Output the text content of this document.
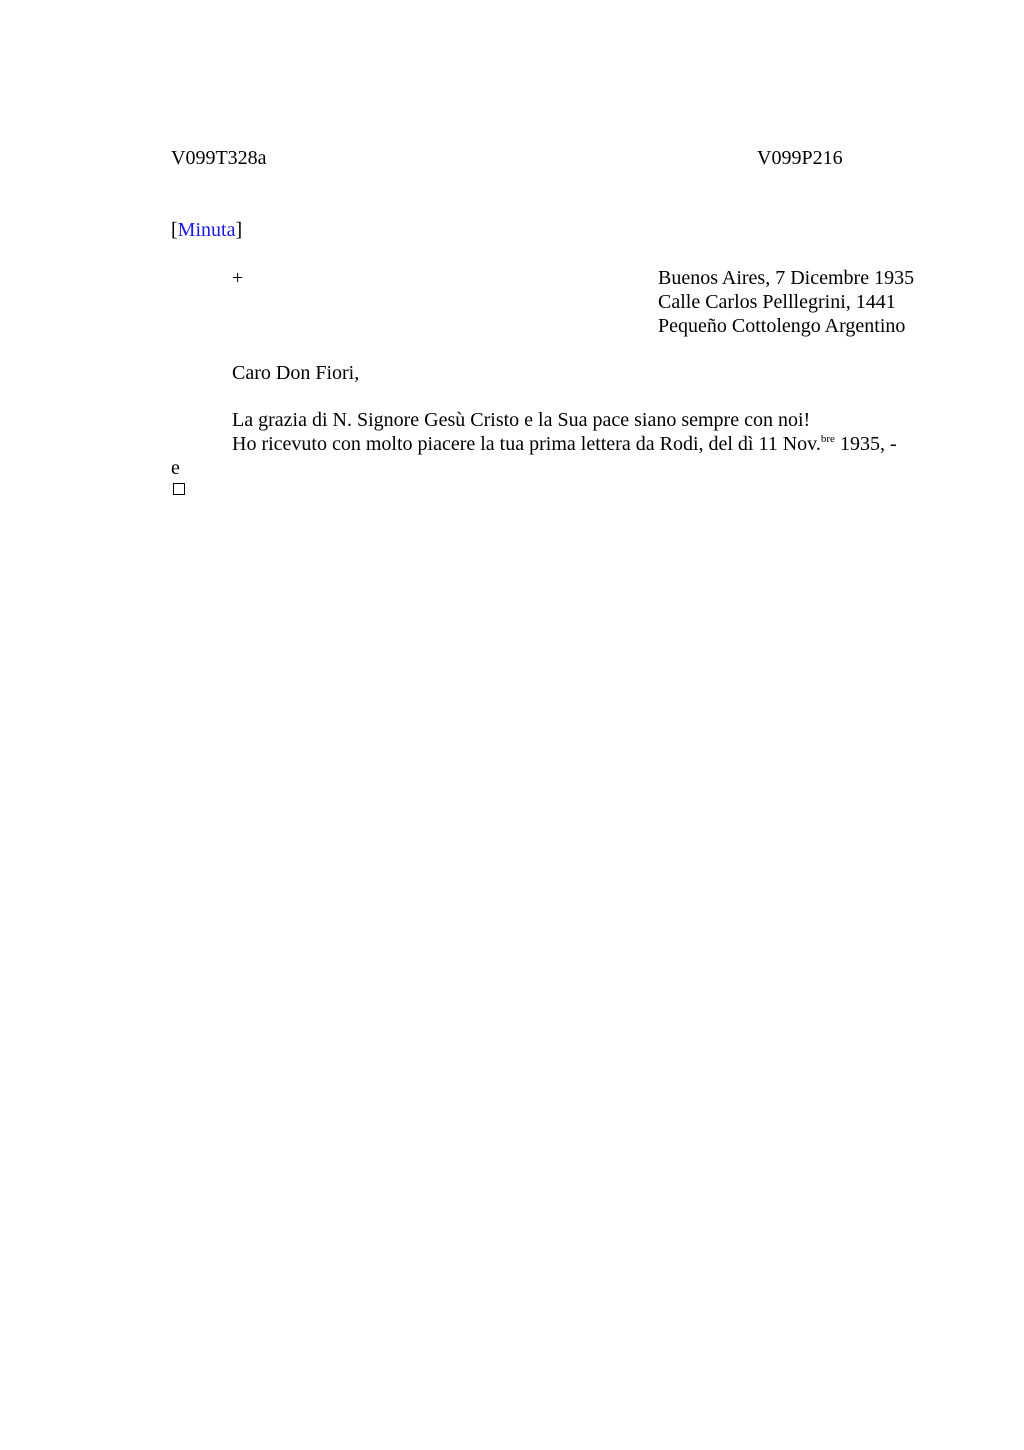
V099T328a	V099P216
[Minuta]
+	Buenos Aires, 7 Dicembre 1935
Calle Carlos Pelllegrini, 1441
Pequeño Cottolengo Argentino
Caro Don Fiori,
La grazia di N. Signore Gesù Cristo e la Sua pace siano sempre con noi!
Ho ricevuto con molto piacere la tua prima lettera da Rodi, del dì 11 Nov.$^{bre}$ 1935, -
e
